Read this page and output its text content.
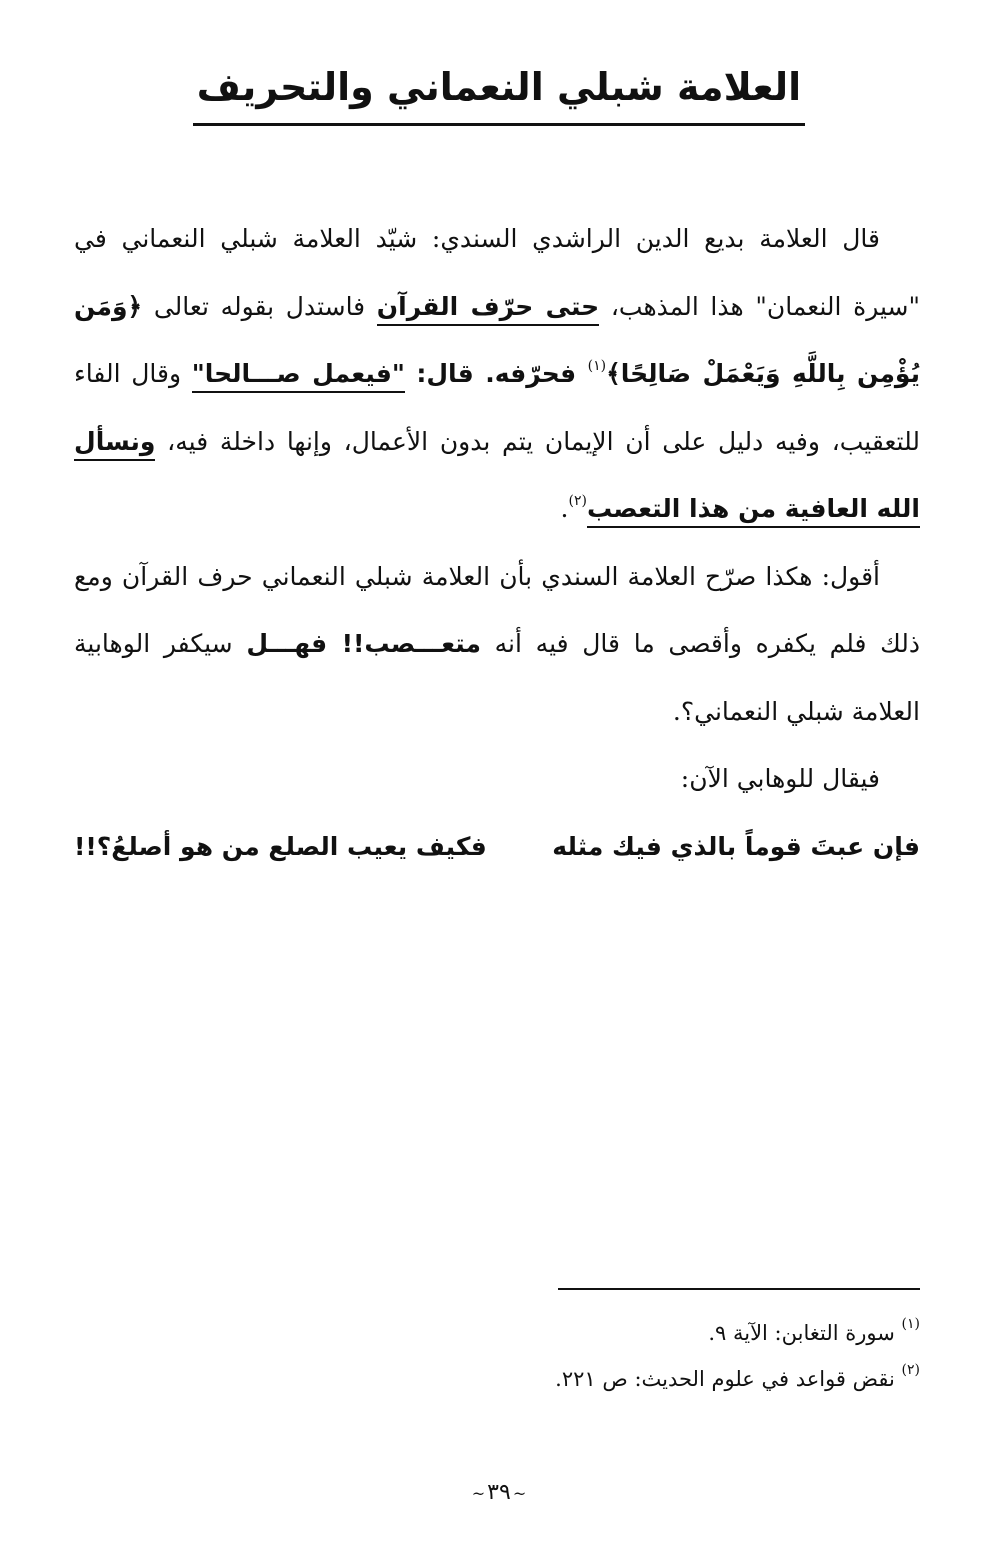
العلامة شبلي النعماني والتحريف

قال العلامة بديع الدين الراشدي السندي: شيّد العلامة شبلي النعماني في "سيرة النعمان" هذا المذهب، حتى حرّف القرآن فاستدل بقوله تعالى ﴿وَمَن يُؤْمِن بِاللَّهِ وَيَعْمَلْ صَالِحًا﴾$^{(١)}$ فحرّفه. قال: "فيعمل صـــالحا" وقال الفاء للتعقيب، وفيه دليل على أن الإيمان يتم بدون الأعمال، وإنها داخلة فيه، ونسأل الله العافية من هذا التعصب$^{(٢)}$.

أقول: هكذا صرّح العلامة السندي بأن العلامة شبلي النعماني حرف القرآن ومع ذلك فلم يكفره وأقصى ما قال فيه أنه متعـــصب!! فهـــل سيكفر الوهابية العلامة شبلي النعماني؟.

فيقال للوهابي الآن:

فإن عبتَ قوماً بالذي فيك مثله
فكيف يعيب الصلع من هو أصلعُ؟!!
$^{(١)}$ سورة التغابن: الآية ٩.
$^{(٢)}$ نقض قواعد في علوم الحديث: ص ٢٢١.
~٣٩~
